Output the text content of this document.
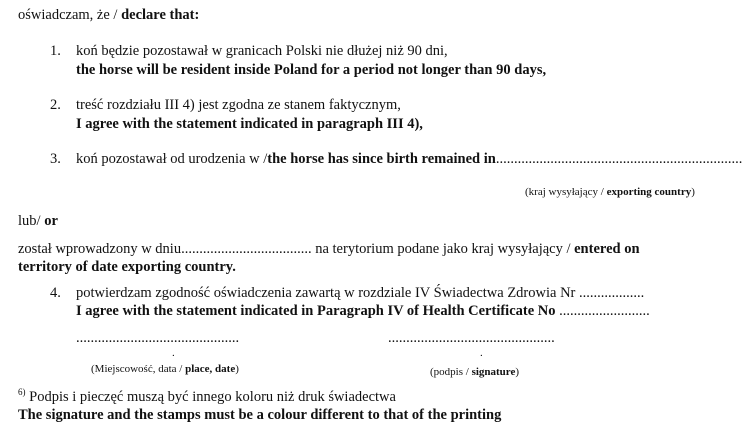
oświadczam, że / declare that:
1. koń będzie pozostawał w granicach Polski nie dłużej niż 90 dni,
the horse will be resident inside Poland for a period not longer than 90 days,
2. treść rozdziału III 4) jest zgodna ze stanem faktycznym,
I agree with the statement indicated in paragraph III 4),
3. koń pozostawał od urodzenia w /the horse has since birth remained in....................................................................
(kraj wysyłający / exporting country)
lub/ or
został wprowadzony w dniu.................................... na terytorium podane jako kraj wysyłający / entered on
territory of date exporting country.
4. potwierdzam zgodność oświadczenia zawartą w rozdziale IV Świadectwa Zdrowia Nr ..................
I agree with the statement indicated in Paragraph IV of Health Certificate No .........................
.............................................	..............................................
.	.
(Miejscowość, data / place, date)	(podpis / signature)
$^{6)}$ Podpis i pieczęć muszą być innego koloru niż druk świadectwa
The signature and the stamps must be a colour different to that of the printing
